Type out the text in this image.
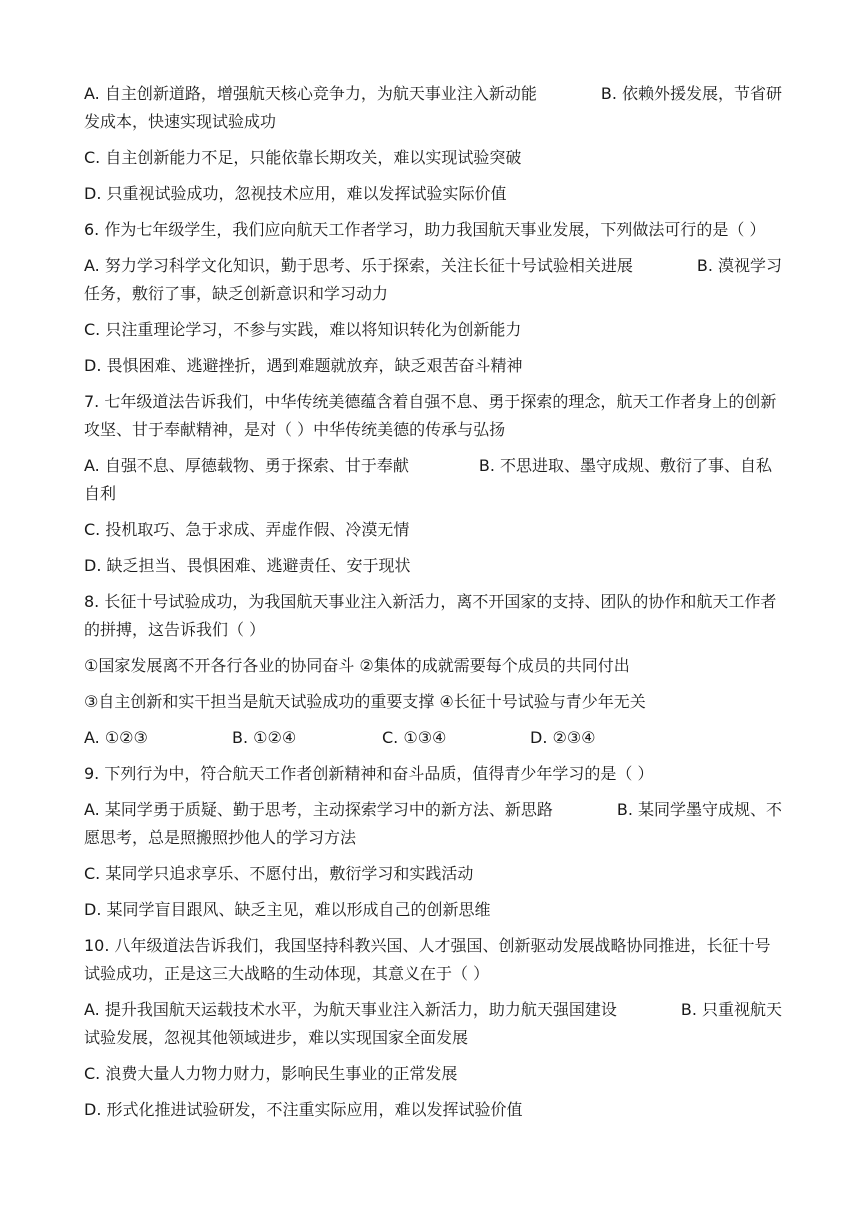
A. 自主创新道路，增强航天核心竞争力，为航天事业注入新动能	B. 依赖外援发展，节省研发成本，快速实现试验成功

C. 自主创新能力不足，只能依靠长期攻关，难以实现试验突破

D. 只重视试验成功，忽视技术应用，难以发挥试验实际价值

6. 作为七年级学生，我们应向航天工作者学习，助力我国航天事业发展，下列做法可行的是（ ）

A. 努力学习科学文化知识，勤于思考、乐于探索，关注长征十号试验相关进展	B. 漠视学习任务，敷衍了事，缺乏创新意识和学习动力

C. 只注重理论学习，不参与实践，难以将知识转化为创新能力

D. 畏惧困难、逃避挫折，遇到难题就放弃，缺乏艰苦奋斗精神

7. 七年级道法告诉我们，中华传统美德蕴含着自强不息、勇于探索的理念，航天工作者身上的创新攻坚、甘于奉献精神，是对（ ）中华传统美德的传承与弘扬

A. 自强不息、厚德载物、勇于探索、甘于奉献	B. 不思进取、墨守成规、敷衍了事、自私自利

C. 投机取巧、急于求成、弄虚作假、冷漠无情

D. 缺乏担当、畏惧困难、逃避责任、安于现状

8. 长征十号试验成功，为我国航天事业注入新活力，离不开国家的支持、团队的协作和航天工作者的拼搏，这告诉我们（ ）

①国家发展离不开各行各业的协同奋斗 ②集体的成就需要每个成员的共同付出

③自主创新和实干担当是航天试验成功的重要支撑 ④长征十号试验与青少年无关

A. ①②③	B. ①②④	C. ①③④	D. ②③④

9. 下列行为中，符合航天工作者创新精神和奋斗品质，值得青少年学习的是（ ）

A. 某同学勇于质疑、勤于思考，主动探索学习中的新方法、新思路	B. 某同学墨守成规、不愿思考，总是照搬照抄他人的学习方法

C. 某同学只追求享乐、不愿付出，敷衍学习和实践活动

D. 某同学盲目跟风、缺乏主见，难以形成自己的创新思维

10. 八年级道法告诉我们，我国坚持科教兴国、人才强国、创新驱动发展战略协同推进，长征十号试验成功，正是这三大战略的生动体现，其意义在于（ ）

A. 提升我国航天运载技术水平，为航天事业注入新活力，助力航天强国建设	B. 只重视航天试验发展，忽视其他领域进步，难以实现国家全面发展

C. 浪费大量人力物力财力，影响民生事业的正常发展

D. 形式化推进试验研发，不注重实际应用，难以发挥试验价值
